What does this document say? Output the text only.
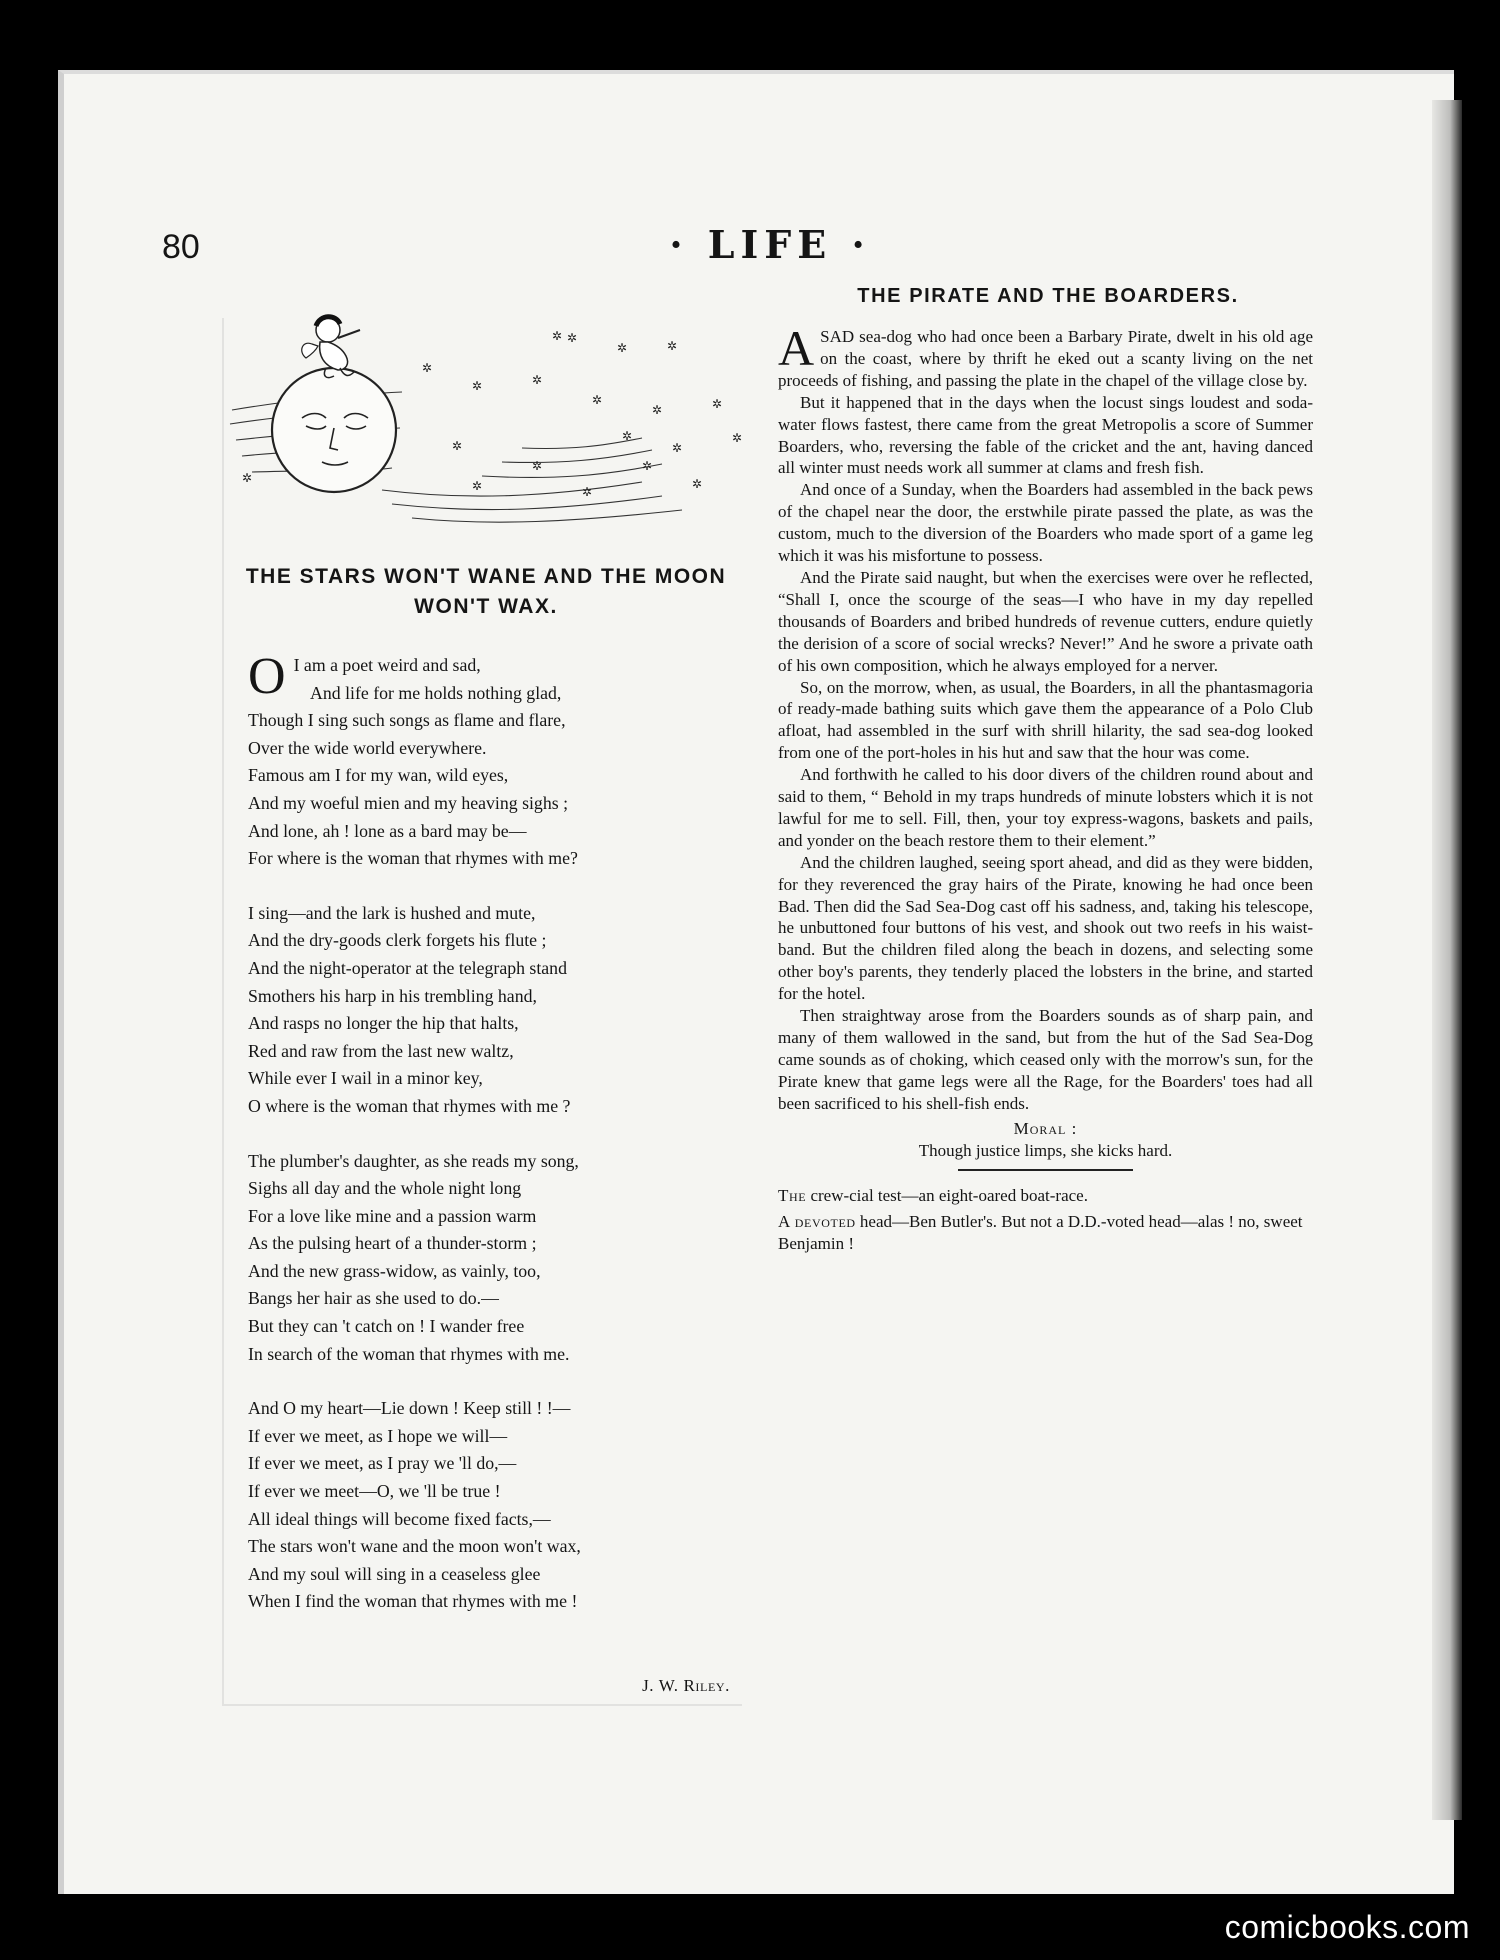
80	· LIFE ·
✲ ✲
✲	✲
✲	✲
✲
✲	✲
✲
✲
✲
✲
✲
✲
✲
✲
✲
✲
✲
THE STARS WON'T WANE AND THE MOON WON'T WAX.
O I am a poet weird and sad,
And life for me holds nothing glad,
Though I sing such songs as flame and flare,
Over the wide world everywhere.
Famous am I for my wan, wild eyes,
And my woeful mien and my heaving sighs ;
And lone, ah ! lone as a bard may be—
For where is the woman that rhymes with me?
I sing—and the lark is hushed and mute,
And the dry-goods clerk forgets his flute ;
And the night-operator at the telegraph stand
Smothers his harp in his trembling hand,
And rasps no longer the hip that halts,
Red and raw from the last new waltz,
While ever I wail in a minor key,
O where is the woman that rhymes with me ?
The plumber's daughter, as she reads my song,
Sighs all day and the whole night long
For a love like mine and a passion warm
As the pulsing heart of a thunder-storm ;
And the new grass-widow, as vainly, too,
Bangs her hair as she used to do.—
But they can 't catch on ! I wander free
In search of the woman that rhymes with me.
And O my heart—Lie down ! Keep still ! !—
If ever we meet, as I hope we will—
If ever we meet, as I pray we 'll do,—
If ever we meet—O, we 'll be true !
All ideal things will become fixed facts,—
The stars won't wane and the moon won't wax,
And my soul will sing in a ceaseless glee
When I find the woman that rhymes with me !
J. W. Riley.
THE PIRATE AND THE BOARDERS.

ASAD sea-dog who had once been a Barbary Pirate, dwelt in his old age on the coast, where by thrift he eked out a scanty living on the net proceeds of fishing, and passing the plate in the chapel of the village close by.

But it happened that in the days when the locust sings loudest and soda-water flows fastest, there came from the great Metropolis a score of Summer Boarders, who, reversing the fable of the cricket and the ant, having danced all winter must needs work all summer at clams and fresh fish.

And once of a Sunday, when the Boarders had assembled in the back pews of the chapel near the door, the erstwhile pirate passed the plate, as was the custom, much to the diversion of the Boarders who made sport of a game leg which it was his misfortune to possess.

And the Pirate said naught, but when the exercises were over he reflected, “Shall I, once the scourge of the seas—I who have in my day repelled thousands of Boarders and bribed hundreds of revenue cutters, endure quietly the derision of a score of social wrecks? Never!” And he swore a private oath of his own composition, which he always employed for a nerver.

So, on the morrow, when, as usual, the Boarders, in all the phantasmagoria of ready-made bathing suits which gave them the appearance of a Polo Club afloat, had assembled in the surf with shrill hilarity, the sad sea-dog looked from one of the port-holes in his hut and saw that the hour was come.

And forthwith he called to his door divers of the children round about and said to them, “ Behold in my traps hundreds of minute lobsters which it is not lawful for me to sell. Fill, then, your toy express-wagons, baskets and pails, and yonder on the beach restore them to their element.”

And the children laughed, seeing sport ahead, and did as they were bidden, for they reverenced the gray hairs of the Pirate, knowing he had once been Bad. Then did the Sad Sea-Dog cast off his sadness, and, taking his telescope, he unbuttoned four buttons of his vest, and shook out two reefs in his waist-band. But the children filed along the beach in dozens, and selecting some other boy's parents, they tenderly placed the lobsters in the brine, and started for the hotel.

Then straightway arose from the Boarders sounds as of sharp pain, and many of them wallowed in the sand, but from the hut of the Sad Sea-Dog came sounds as of choking, which ceased only with the morrow's sun, for the Pirate knew that game legs were all the Rage, for the Boarders' toes had all been sacrificed to his shell-fish ends.

Moral :
Though justice limps, she kicks hard.

The crew-cial test—an eight-oared boat-race.

A devoted head—Ben Butler's. But not a D.D.-voted head—alas ! no, sweet Benjamin !

comicbooks.com
